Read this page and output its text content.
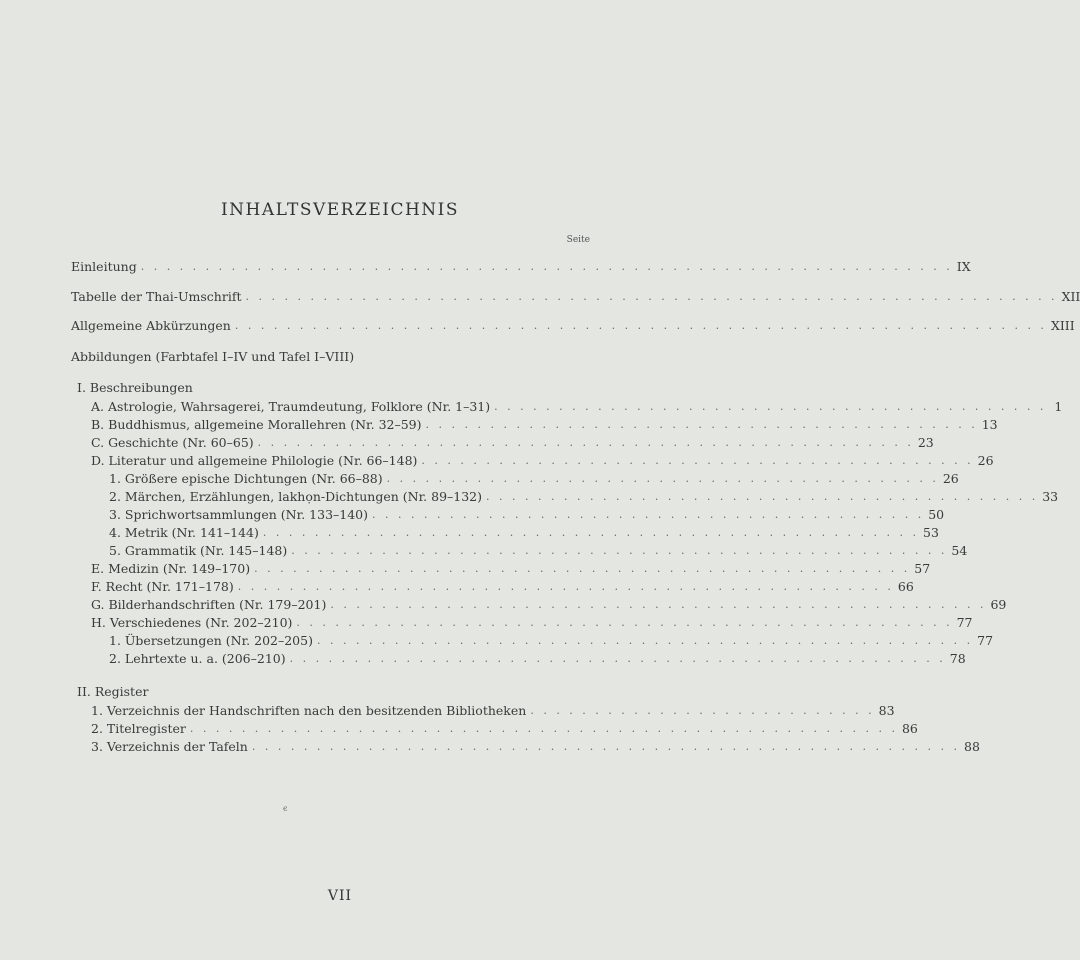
INHALTSVERZEICHNIS
Seite
Einleitung . . . . . . . . . . . . . . . . . . . . . . . . . . . . . . . . . . . . . . . . . . . . . . . . . . . . . . . . . . . . . . . IX
Tabelle der Thai-Umschrift . . . . . . . . . . . . . . . . . . . . . . . . . . . . . . . . . . . . . . . . . . . . . . . . . . . . . . . . . . . . . . . XII
Allgemeine Abkürzungen . . . . . . . . . . . . . . . . . . . . . . . . . . . . . . . . . . . . . . . . . . . . . . . . . . . . . . . . . . . . . . . XIII
Abbildungen (Farbtafel I–IV und Tafel I–VIII)
I. Beschreibungen
A. Astrologie, Wahrsagerei, Traumdeutung, Folklore (Nr. 1–31) . . . . . . . . . . . . . . . . . . . . . . . . . . . . . . . . . . . . . . . . . . . 1
B. Buddhismus, allgemeine Morallehren (Nr. 32–59) . . . . . . . . . . . . . . . . . . . . . . . . . . . . . . . . . . . . . . . . . . . 13
C. Geschichte (Nr. 60–65) . . . . . . . . . . . . . . . . . . . . . . . . . . . . . . . . . . . . . . . . . . . . . . . . . . . 23
D. Literatur und allgemeine Philologie (Nr. 66–148) . . . . . . . . . . . . . . . . . . . . . . . . . . . . . . . . . . . . . . . . . . . 26
1. Größere epische Dichtungen (Nr. 66–88) . . . . . . . . . . . . . . . . . . . . . . . . . . . . . . . . . . . . . . . . . . . 26
2. Märchen, Erzählungen, lakhọn-Dichtungen (Nr. 89–132) . . . . . . . . . . . . . . . . . . . . . . . . . . . . . . . . . . . . . . . . . . . 33
3. Sprichwortsammlungen (Nr. 133–140) . . . . . . . . . . . . . . . . . . . . . . . . . . . . . . . . . . . . . . . . . . . 50
4. Metrik (Nr. 141–144) . . . . . . . . . . . . . . . . . . . . . . . . . . . . . . . . . . . . . . . . . . . . . . . . . . . 53
5. Grammatik (Nr. 145–148) . . . . . . . . . . . . . . . . . . . . . . . . . . . . . . . . . . . . . . . . . . . . . . . . . . . 54
E. Medizin (Nr. 149–170) . . . . . . . . . . . . . . . . . . . . . . . . . . . . . . . . . . . . . . . . . . . . . . . . . . . 57
F. Recht (Nr. 171–178) . . . . . . . . . . . . . . . . . . . . . . . . . . . . . . . . . . . . . . . . . . . . . . . . . . . 66
G. Bilderhandschriften (Nr. 179–201) . . . . . . . . . . . . . . . . . . . . . . . . . . . . . . . . . . . . . . . . . . . . . . . . . . . 69
H. Verschiedenes (Nr. 202–210) . . . . . . . . . . . . . . . . . . . . . . . . . . . . . . . . . . . . . . . . . . . . . . . . . . . 77
1. Übersetzungen (Nr. 202–205) . . . . . . . . . . . . . . . . . . . . . . . . . . . . . . . . . . . . . . . . . . . . . . . . . . . 77
2. Lehrtexte u. a. (206–210) . . . . . . . . . . . . . . . . . . . . . . . . . . . . . . . . . . . . . . . . . . . . . . . . . . . 78
II. Register
1. Verzeichnis der Handschriften nach den besitzenden Bibliotheken . . . . . . . . . . . . . . . . . . . . . . . . . . . 83
2. Titelregister . . . . . . . . . . . . . . . . . . . . . . . . . . . . . . . . . . . . . . . . . . . . . . . . . . . . . . . 86
3. Verzeichnis der Tafeln . . . . . . . . . . . . . . . . . . . . . . . . . . . . . . . . . . . . . . . . . . . . . . . . . . . . . . . 88
ϵ
VII
